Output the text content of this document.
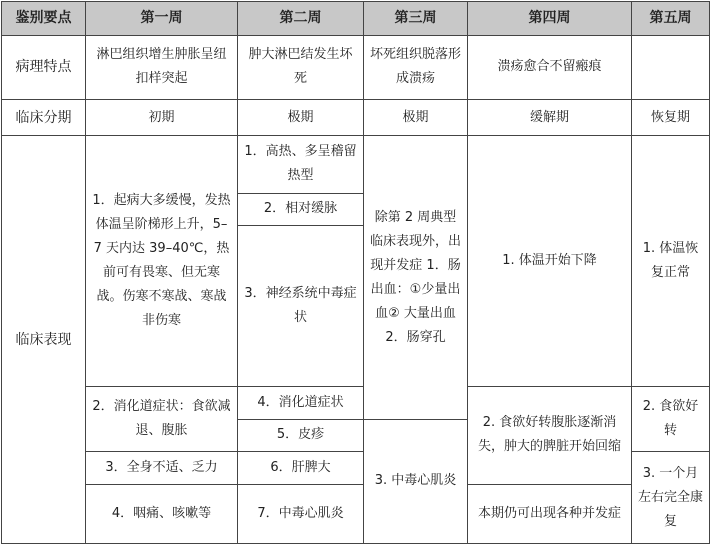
鉴别要点	第一周	第二周	第三周	第四周	第五周
病理特点	淋巴组织增生肿胀呈纽扣样突起	肿大淋巴结发生坏死	坏死组织脱落形成溃疡	溃疡愈合不留瘢痕	
临床分期	初期	极期	极期	缓解期	恢复期
临床表现	1．起病大多缓慢，发热体温呈阶梯形上升，5–7 天内达 39–40℃，热前可有畏寒、但无寒战。伤寒不寒战、寒战非伤寒	1．高热、多呈稽留热型	除第 2 周典型临床表现外，出现并发症 1．肠出血：①少量出血② 大量出血 2．肠穿孔	1. 体温开始下降	1. 体温恢复正常
		2．相对缓脉			
		3．神经系统中毒症状			
	2．消化道症状：食欲减退、腹胀	4．消化道症状		2. 食欲好转腹胀逐渐消失，肿大的脾脏开始回缩	2. 食欲好转
		5．皮疹	3. 中毒心肌炎		
	3．全身不适、乏力	6．肝脾大			3. 一个月左右完全康复
	4．咽痛、咳嗽等	7．中毒心肌炎		本期仍可出现各种并发症	
